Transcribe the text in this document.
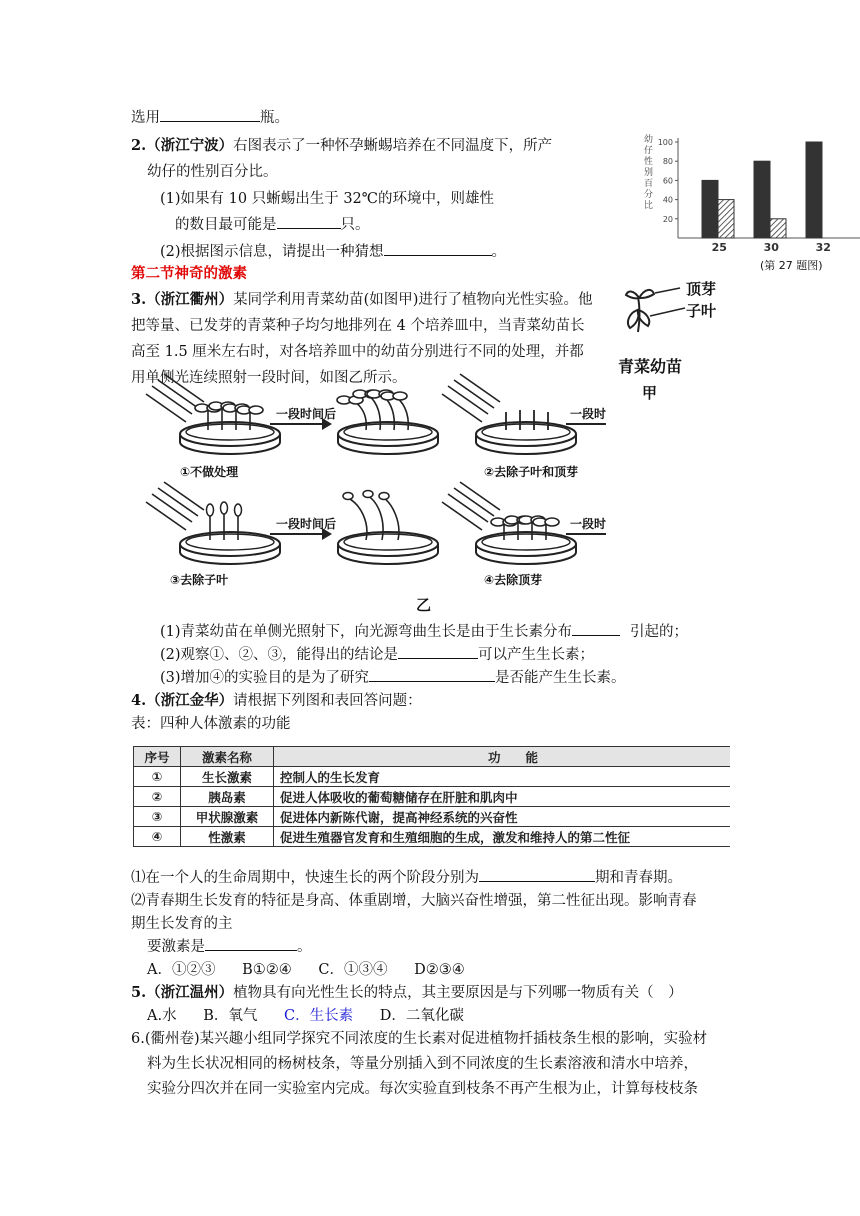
选用	瓶。
2.（浙江宁波）右图表示了一种怀孕蜥蜴培养在不同温度下，所产
幼仔的性别百分比。
(1)如果有 10 只蜥蜴出生于 32℃的环境中，则雄性
的数目最可能是	只。
(2)根据图示信息，请提出一种猜想	。
幼
仔
性
别
百
分
比
20
40
60
80
100
25	30	32
(第 27 题图)
第二节神奇的激素
3.（浙江衢州）某同学利用青菜幼苗(如图甲)进行了植物向光性实验。他
把等量、已发芽的青菜种子均匀地排列在 4 个培养皿中，当青菜幼苗长
高至 1.5 厘米左右时，对各培养皿中的幼苗分别进行不同的处理，并都
用单侧光连续照射一段时间，如图乙所示。
顶芽
子叶
青菜幼苗
甲
一段时间后
①不做处理
一段时
②去除子叶和顶芽
一段时间后
③去除子叶
一段时
④去除顶芽
乙
(1)青菜幼苗在单侧光照射下，向光源弯曲生长是由于生长素分布	引起的；
(2)观察①、②、③，能得出的结论是	可以产生生长素；
(3)增加④的实验目的是为了研究	是否能产生生长素。
4.（浙江金华）请根据下列图和表回答问题：
表：四种人体激素的功能
序号	激素名称	功　　能
①	生长激素	控制人的生长发育
②	胰岛素	促进人体吸收的葡萄糖储存在肝脏和肌肉中
③	甲状腺激素	促进体内新陈代谢，提高神经系统的兴奋性
④	性激素	促进生殖器官发育和生殖细胞的生成，激发和维持人的第二性征
⑴在一个人的生命周期中，快速生长的两个阶段分别为	期和青春期。
⑵青春期生长发育的特征是身高、体重剧增，大脑兴奋性增强，第二性征出现。影响青春
期生长发育的主
要激素是	。
A．①②③ B①②④ C．①③④ D②③④
5.（浙江温州）植物具有向光性生长的特点，其主要原因是与下列哪一物质有关（　）
A.水 B．氧气 C．生长素 D．二氧化碳
6.(衢州卷)某兴趣小组同学探究不同浓度的生长素对促进植物扦插枝条生根的影响，实验材
料为生长状况相同的杨树枝条，等量分别插入到不同浓度的生长素溶液和清水中培养，
实验分四次并在同一实验室内完成。每次实验直到枝条不再产生根为止，计算每枝枝条
